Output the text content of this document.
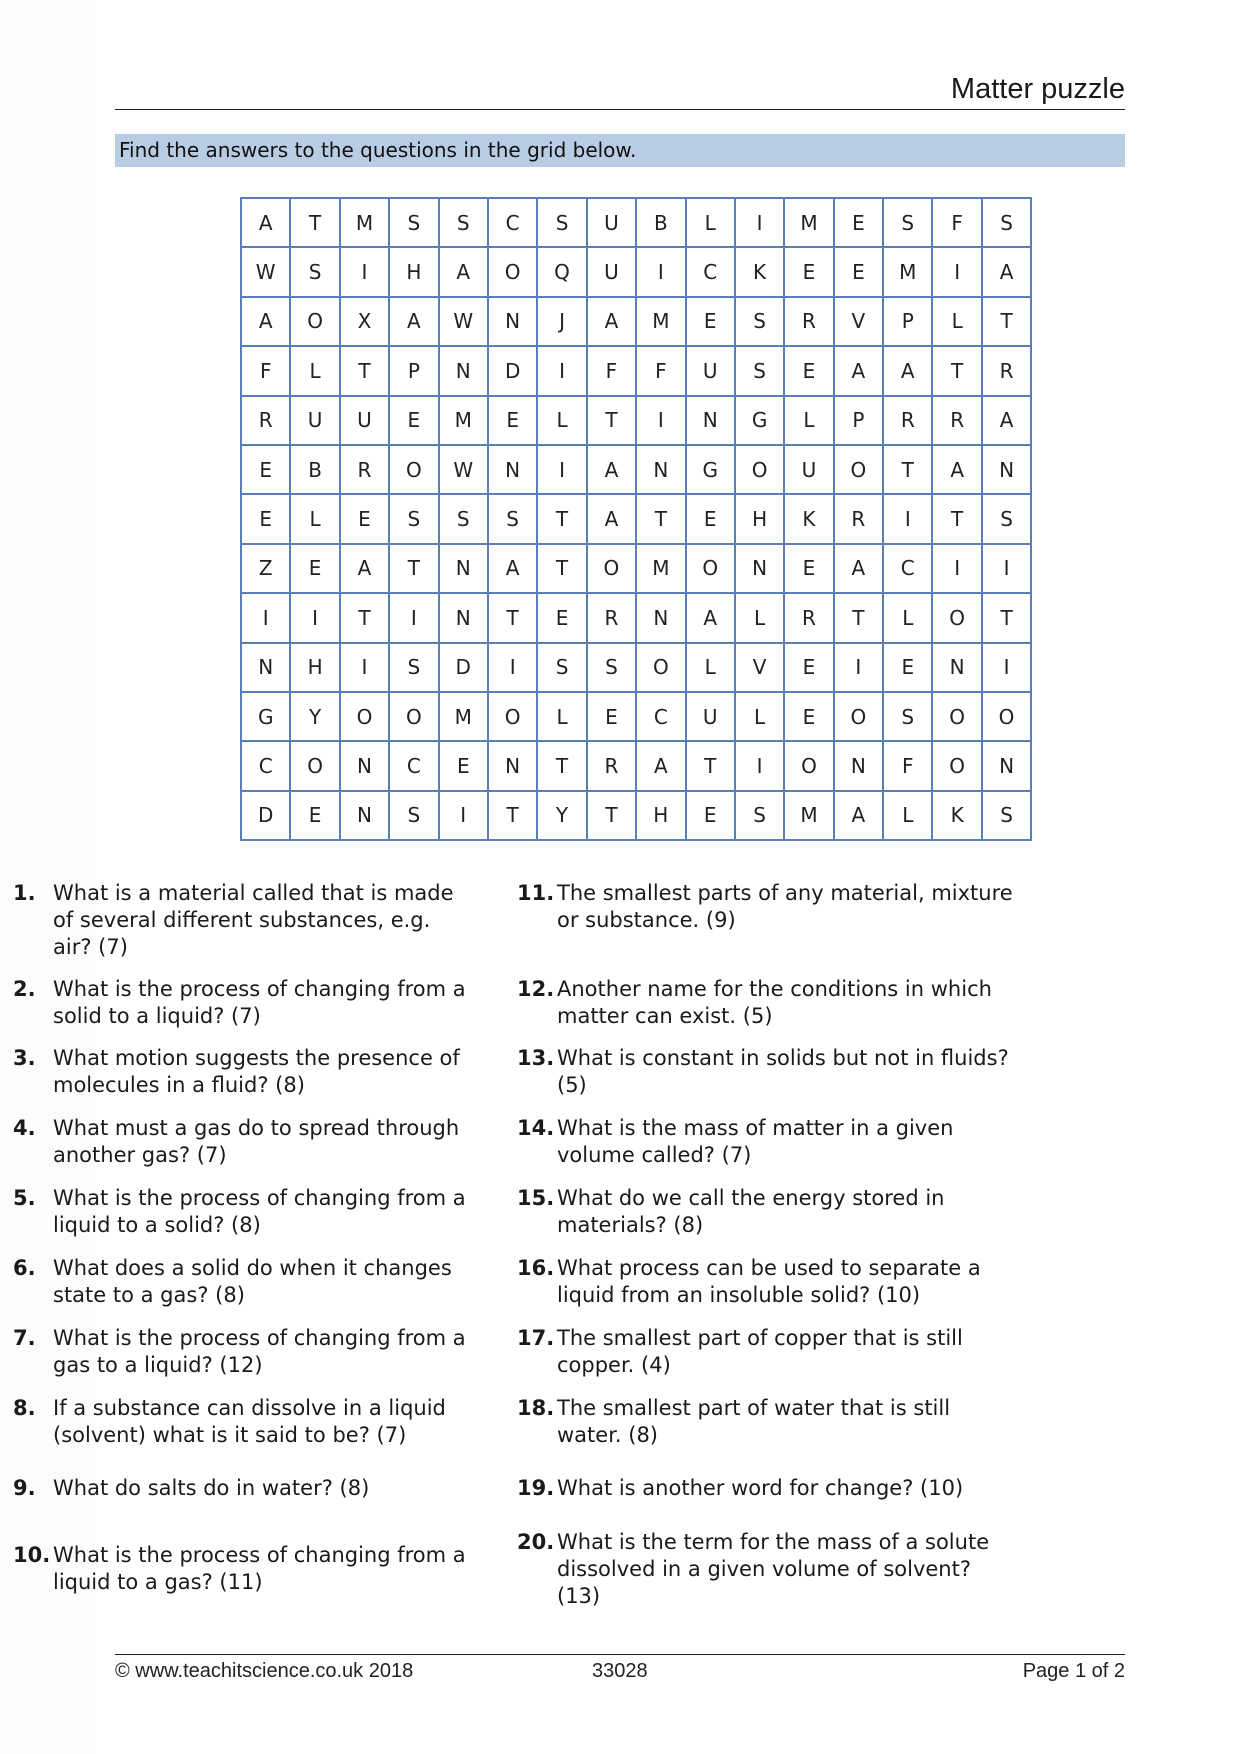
Matter puzzle
Find the answers to the questions in the grid below.
A	T	M	S	S	C	S	U	B	L	I	M	E	S	F	S
W	S	I	H	A	O	Q	U	I	C	K	E	E	M	I	A
A	O	X	A	W	N	J	A	M	E	S	R	V	P	L	T
F	L	T	P	N	D	I	F	F	U	S	E	A	A	T	R
R	U	U	E	M	E	L	T	I	N	G	L	P	R	R	A
E	B	R	O	W	N	I	A	N	G	O	U	O	T	A	N
E	L	E	S	S	S	T	A	T	E	H	K	R	I	T	S
Z	E	A	T	N	A	T	O	M	O	N	E	A	C	I	I
I	I	T	I	N	T	E	R	N	A	L	R	T	L	O	T
N	H	I	S	D	I	S	S	O	L	V	E	I	E	N	I
G	Y	O	O	M	O	L	E	C	U	L	E	O	S	O	O
C	O	N	C	E	N	T	R	A	T	I	O	N	F	O	N
D	E	N	S	I	T	Y	T	H	E	S	M	A	L	K	S
1. What is a material called that is made of several different substances, e.g. air? (7)
2. What is the process of changing from a solid to a liquid? (7)
3. What motion suggests the presence of molecules in a fluid? (8)
4. What must a gas do to spread through another gas? (7)
5. What is the process of changing from a liquid to a solid? (8)
6. What does a solid do when it changes state to a gas? (8)
7. What is the process of changing from a gas to a liquid? (12)
8. If a substance can dissolve in a liquid (solvent) what is it said to be? (7)
9. What do salts do in water? (8)
10. What is the process of changing from a liquid to a gas? (11)
11. The smallest parts of any material, mixture or substance. (9)
12. Another name for the conditions in which matter can exist. (5)
13. What is constant in solids but not in fluids? (5)
14. What is the mass of matter in a given volume called? (7)
15. What do we call the energy stored in materials? (8)
16. What process can be used to separate a liquid from an insoluble solid? (10)
17. The smallest part of copper that is still copper. (4)
18. The smallest part of water that is still water. (8)
19. What is another word for change? (10)
20. What is the term for the mass of a solute dissolved in a given volume of solvent? (13)
© www.teachitscience.co.uk 2018	33028	Page 1 of 2
